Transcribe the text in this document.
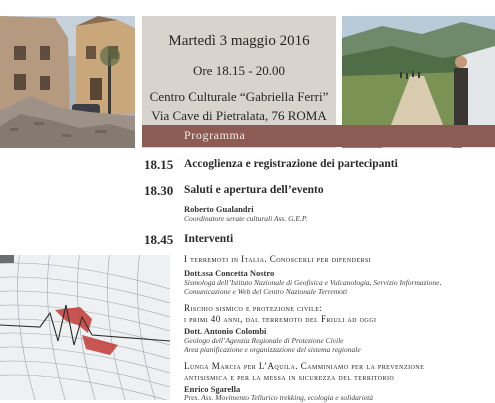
Martedì 3 maggio 2016
Ore 18.15 - 20.00
Centro Culturale “Gabriella Ferri”
Via Cave di Pietralata, 76 ROMA
Programma
18.15 Accoglienza e registrazione dei partecipanti
18.30 Saluti e apertura dell’evento
Roberto Gualandri
Coordinatore serate culturali Ass. G.E.P.
18.45 Interventi
I terremoti in Italia. Conoscerli per difendersi
Dott.ssa Concetta Nostro
Sismologa dell’Istituto Nazionale di Geofisica e Vulcanologia, Servizio Informazione,
Comunicazione e Web del Centro Nazionale Terremoti
Rischio sismico e protezione civile:
i primi 40 anni, dal terremoto del Friuli ad oggi
Dott. Antonio Colombi
Geologo dell’Agenzia Regionale di Protezione Civile
Area pianificazione e organizzazione del sistema regionale
Lunga Marcia per L’Aquila. Camminiamo per la prevenzione
antisismica e per la messa in sicurezza del territorio
Enrico Sgarella
Pres. Ass. Movimento Tellurico trekking, ecologia e solidarietà
